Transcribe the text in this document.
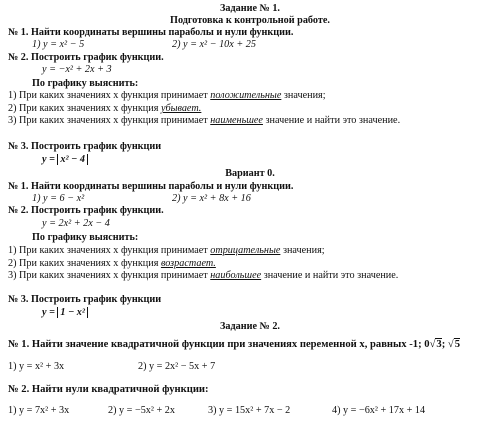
Задание № 1.
Подготовка к контрольной работе.
№ 1. Найти координаты вершины параболы и нули функции.
1) y = x² − 5	2) y = x² − 10x + 25
№ 2. Построить график функции.
y = −x² + 2x + 3
По графику выяснить:
1) При каких значениях x функция принимает положительные значения;
2) При каких значениях x функция убывает.
3) При каких значениях x функция принимает наименьшее значение и найти это значение.
№ 3. Построить график функции
y = x² − 4
Вариант 0.
№ 1. Найти координаты вершины параболы и нули функции.
1) y = 6 − x²	2) y = x² + 8x + 16
№ 2. Построить график функции.
y = 2x² + 2x − 4
По графику выяснить:
1) При каких значениях x функция принимает отрицательные значения;
2) При каких значениях x функция возрастает.
3) При каких значениях x функция принимает наибольшее значение и найти это значение.
№ 3. Построить график функции
y = 1 − x²
Задание № 2.
№ 1. Найти значение квадратичной функции при значениях переменной х, равных -1; 0√3; √5
1) y = x² + 3x	2) y = 2x² − 5x + 7
№ 2. Найти нули квадратичной функции:
1) y = 7x² + 3x	2) y = −5x² + 2x	3) y = 15x² + 7x − 2	4) y = −6x² + 17x + 14
